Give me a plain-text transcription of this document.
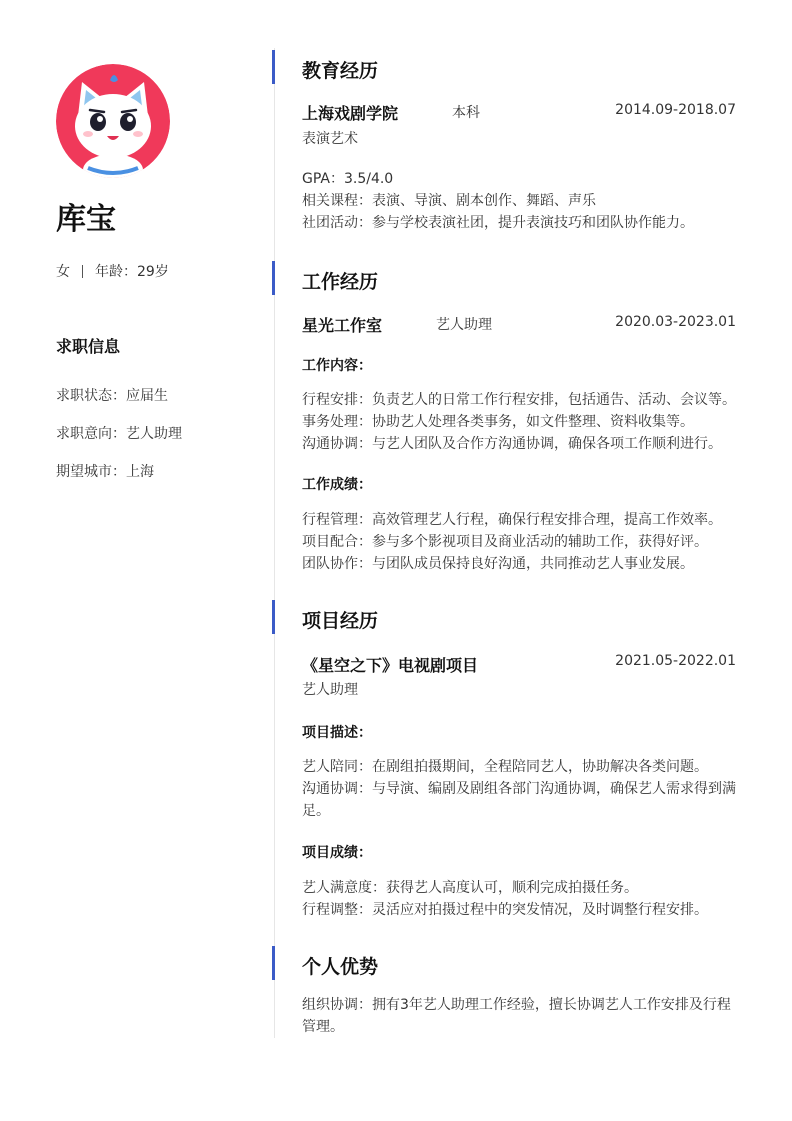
库宝
女 年龄：29岁
求职信息
求职状态：应届生
求职意向：艺人助理
期望城市：上海
教育经历
上海戏剧学院	本科	2014.09-2018.07
表演艺术
GPA：3.5/4.0
相关课程：表演、导演、剧本创作、舞蹈、声乐
社团活动：参与学校表演社团，提升表演技巧和团队协作能力。
工作经历
星光工作室	艺人助理	2020.03-2023.01
工作内容：
行程安排：负责艺人的日常工作行程安排，包括通告、活动、会议等。
事务处理：协助艺人处理各类事务，如文件整理、资料收集等。
沟通协调：与艺人团队及合作方沟通协调，确保各项工作顺利进行。
工作成绩：
行程管理：高效管理艺人行程，确保行程安排合理，提高工作效率。
项目配合：参与多个影视项目及商业活动的辅助工作，获得好评。
团队协作：与团队成员保持良好沟通，共同推动艺人事业发展。
项目经历
《星空之下》电视剧项目	2021.05-2022.01
艺人助理
项目描述：
艺人陪同：在剧组拍摄期间，全程陪同艺人，协助解决各类问题。
沟通协调：与导演、编剧及剧组各部门沟通协调，确保艺人需求得到满足。
项目成绩：
艺人满意度：获得艺人高度认可，顺利完成拍摄任务。
行程调整：灵活应对拍摄过程中的突发情况，及时调整行程安排。
个人优势
组织协调：拥有3年艺人助理工作经验，擅长协调艺人工作安排及行程管理。
